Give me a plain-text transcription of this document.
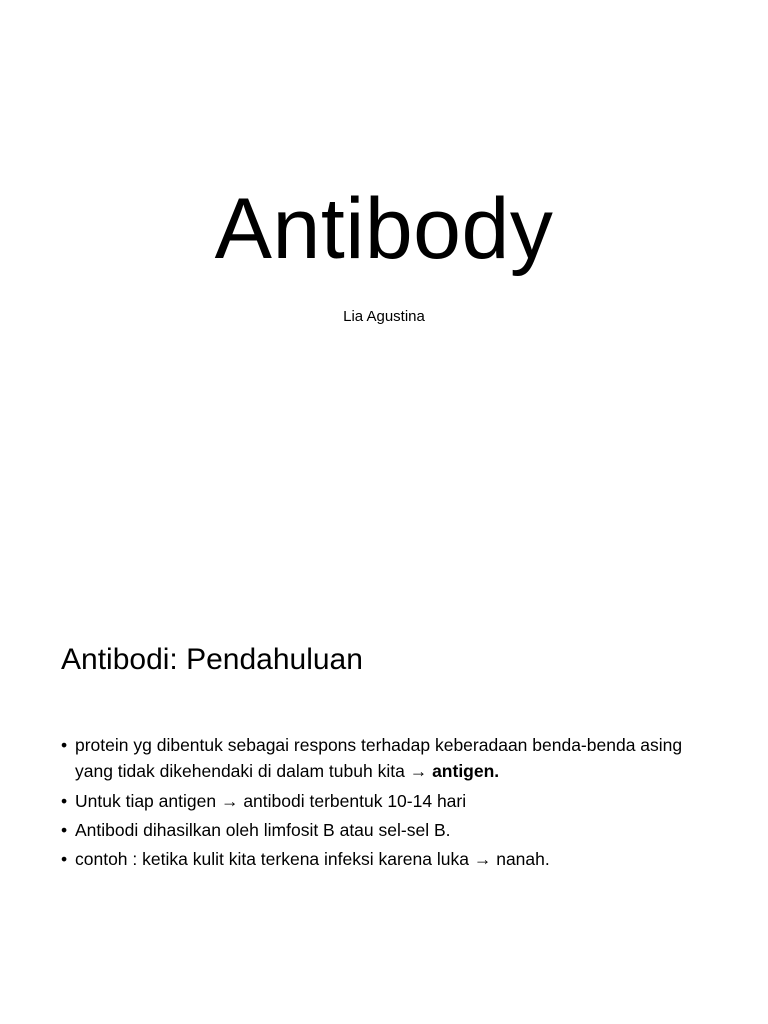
Antibody
Lia Agustina
Antibodi: Pendahuluan
• protein yg dibentuk sebagai respons terhadap keberadaan benda-benda asing yang tidak dikehendaki di dalam tubuh kita → antigen.
• Untuk tiap antigen → antibodi terbentuk 10-14 hari
• Antibodi dihasilkan oleh limfosit B atau sel-sel B.
• contoh : ketika kulit kita terkena infeksi karena luka → nanah.
